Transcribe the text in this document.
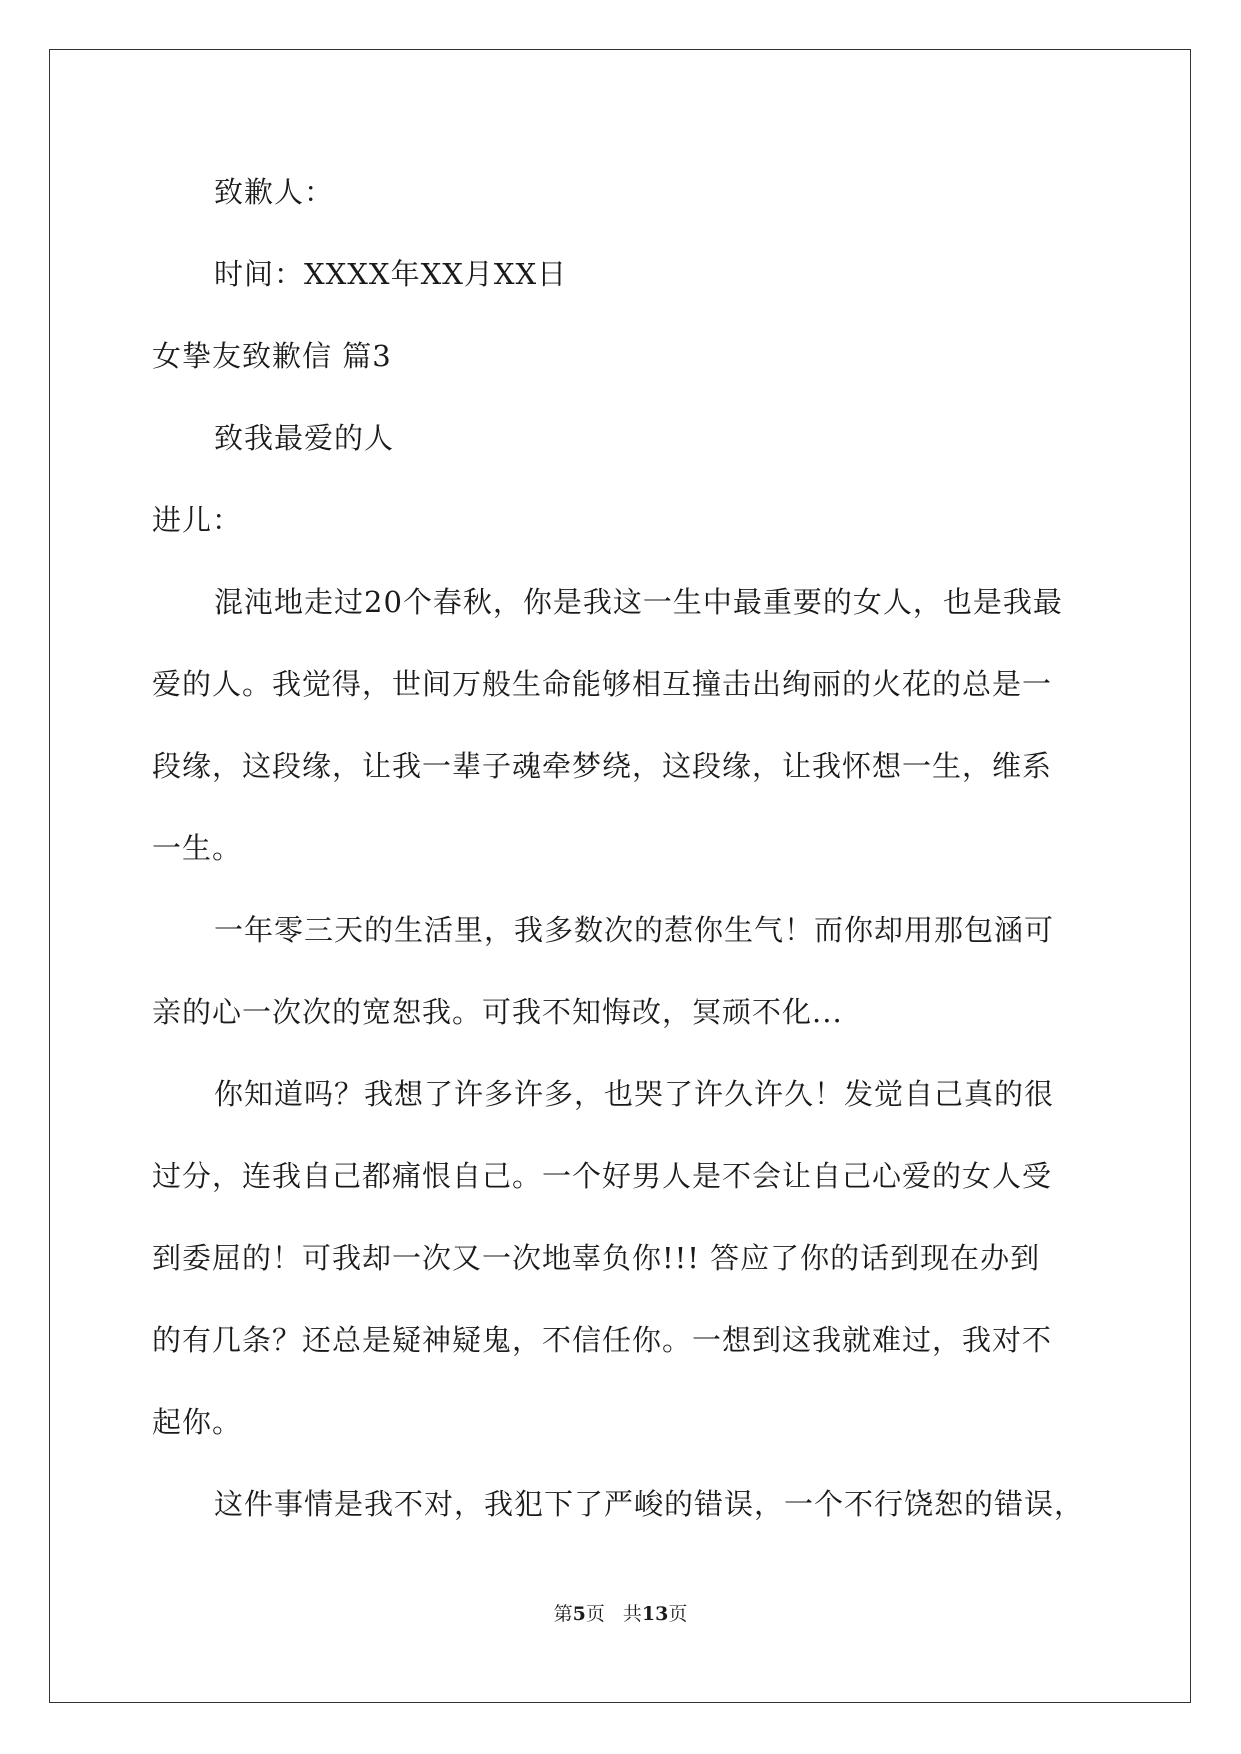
致歉人：
时间：XXXX年XX月XX日
女挚友致歉信 篇3
致我最爱的人
进儿：
混沌地走过20个春秋，你是我这一生中最重要的女人，也是我最
爱的人。我觉得，世间万般生命能够相互撞击出绚丽的火花的总是一
段缘，这段缘，让我一辈子魂牵梦绕，这段缘，让我怀想一生，维系
一生。
一年零三天的生活里，我多数次的惹你生气！而你却用那包涵可
亲的心一次次的宽恕我。可我不知悔改，冥顽不化...
你知道吗？我想了许多许多，也哭了许久许久！发觉自己真的很
过分，连我自己都痛恨自己。一个好男人是不会让自己心爱的女人受
到委屈的！可我却一次又一次地辜负你!!! 答应了你的话到现在办到
的有几条？还总是疑神疑鬼，不信任你。一想到这我就难过，我对不
起你。
这件事情是我不对，我犯下了严峻的错误，一个不行饶恕的错误，
第5页 共13页
